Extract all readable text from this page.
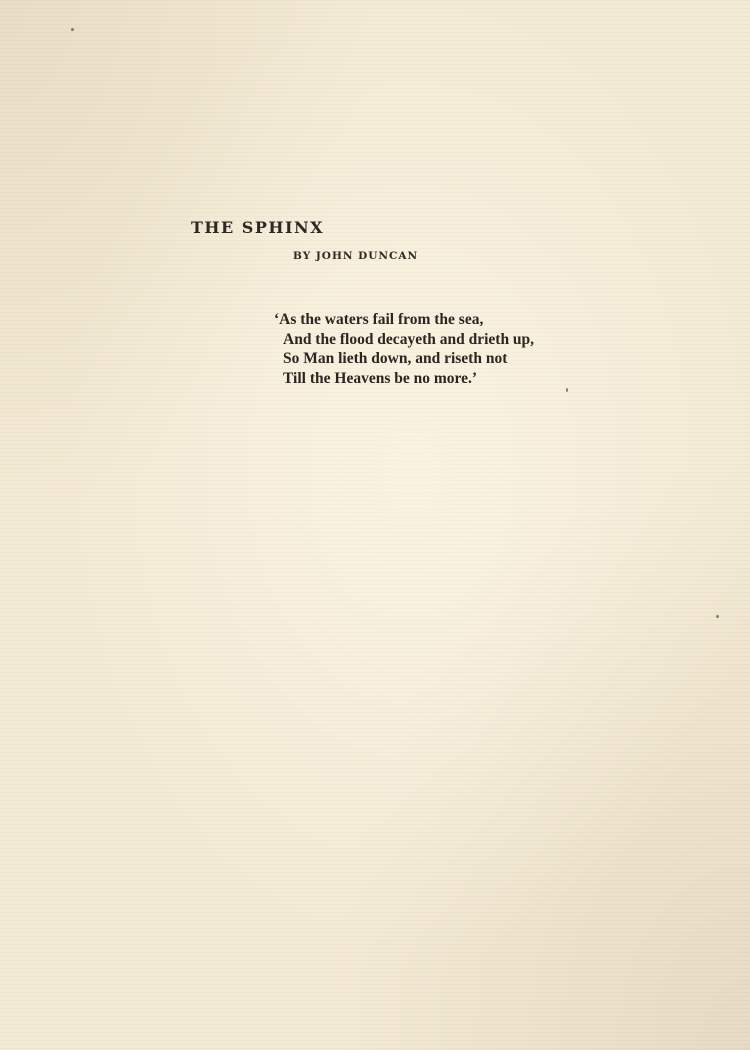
THE SPHINX

BY JOHN DUNCAN

‘As the waters fail from the sea,
And the flood decayeth and drieth up,
So Man lieth down, and riseth not
Till the Heavens be no more.’
